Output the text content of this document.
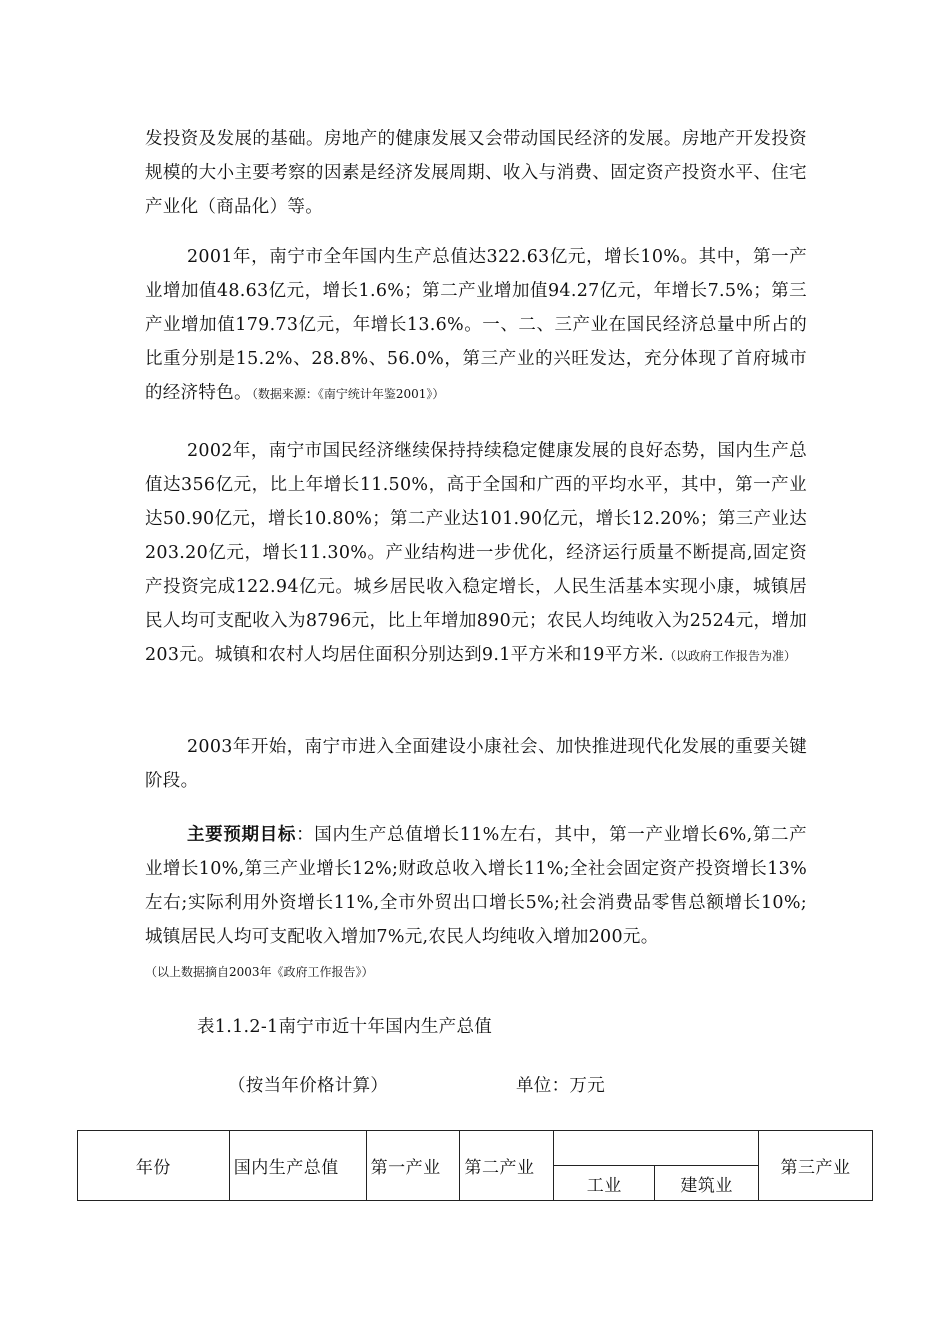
发投资及发展的基础。房地产的健康发展又会带动国民经济的发展。房地产开发投资规模的大小主要考察的因素是经济发展周期、收入与消费、固定资产投资水平、住宅产业化（商品化）等。

2001年，南宁市全年国内生产总值达322.63亿元，增长10%。其中，第一产业增加值48.63亿元，增长1.6%；第二产业增加值94.27亿元，年增长7.5%；第三产业增加值179.73亿元，年增长13.6%。一、二、三产业在国民经济总量中所占的比重分别是15.2%、28.8%、56.0%，第三产业的兴旺发达，充分体现了首府城市的经济特色。（数据来源：《南宁统计年鉴2001》）

2002年，南宁市国民经济继续保持持续稳定健康发展的良好态势，国内生产总值达356亿元，比上年增长11.50%，高于全国和广西的平均水平，其中，第一产业达50.90亿元，增长10.80%；第二产业达101.90亿元，增长12.20%；第三产业达203.20亿元，增长11.30%。产业结构进一步优化，经济运行质量不断提高,固定资产投资完成122.94亿元。城乡居民收入稳定增长，人民生活基本实现小康，城镇居民人均可支配收入为8796元，比上年增加890元；农民人均纯收入为2524元，增加203元。城镇和农村人均居住面积分别达到9.1平方米和19平方米.（以政府工作报告为准）

2003年开始，南宁市进入全面建设小康社会、加快推进现代化发展的重要关键阶段。

主要预期目标：国内生产总值增长11%左右，其中，第一产业增长6%,第二产业增长10%,第三产业增长12%;财政总收入增长11%;全社会固定资产投资增长13%左右;实际利用外资增长11%,全市外贸出口增长5%;社会消费品零售总额增长10%;城镇居民人均可支配收入增加7%元,农民人均纯收入增加200元。
（以上数据摘自2003年《政府工作报告》）

表1.1.2-1南宁市近十年国内生产总值
（按当年价格计算）	单位：万元
年份	国内生产总值	第一产业	第二产业			第三产业
				工业	建筑业	
